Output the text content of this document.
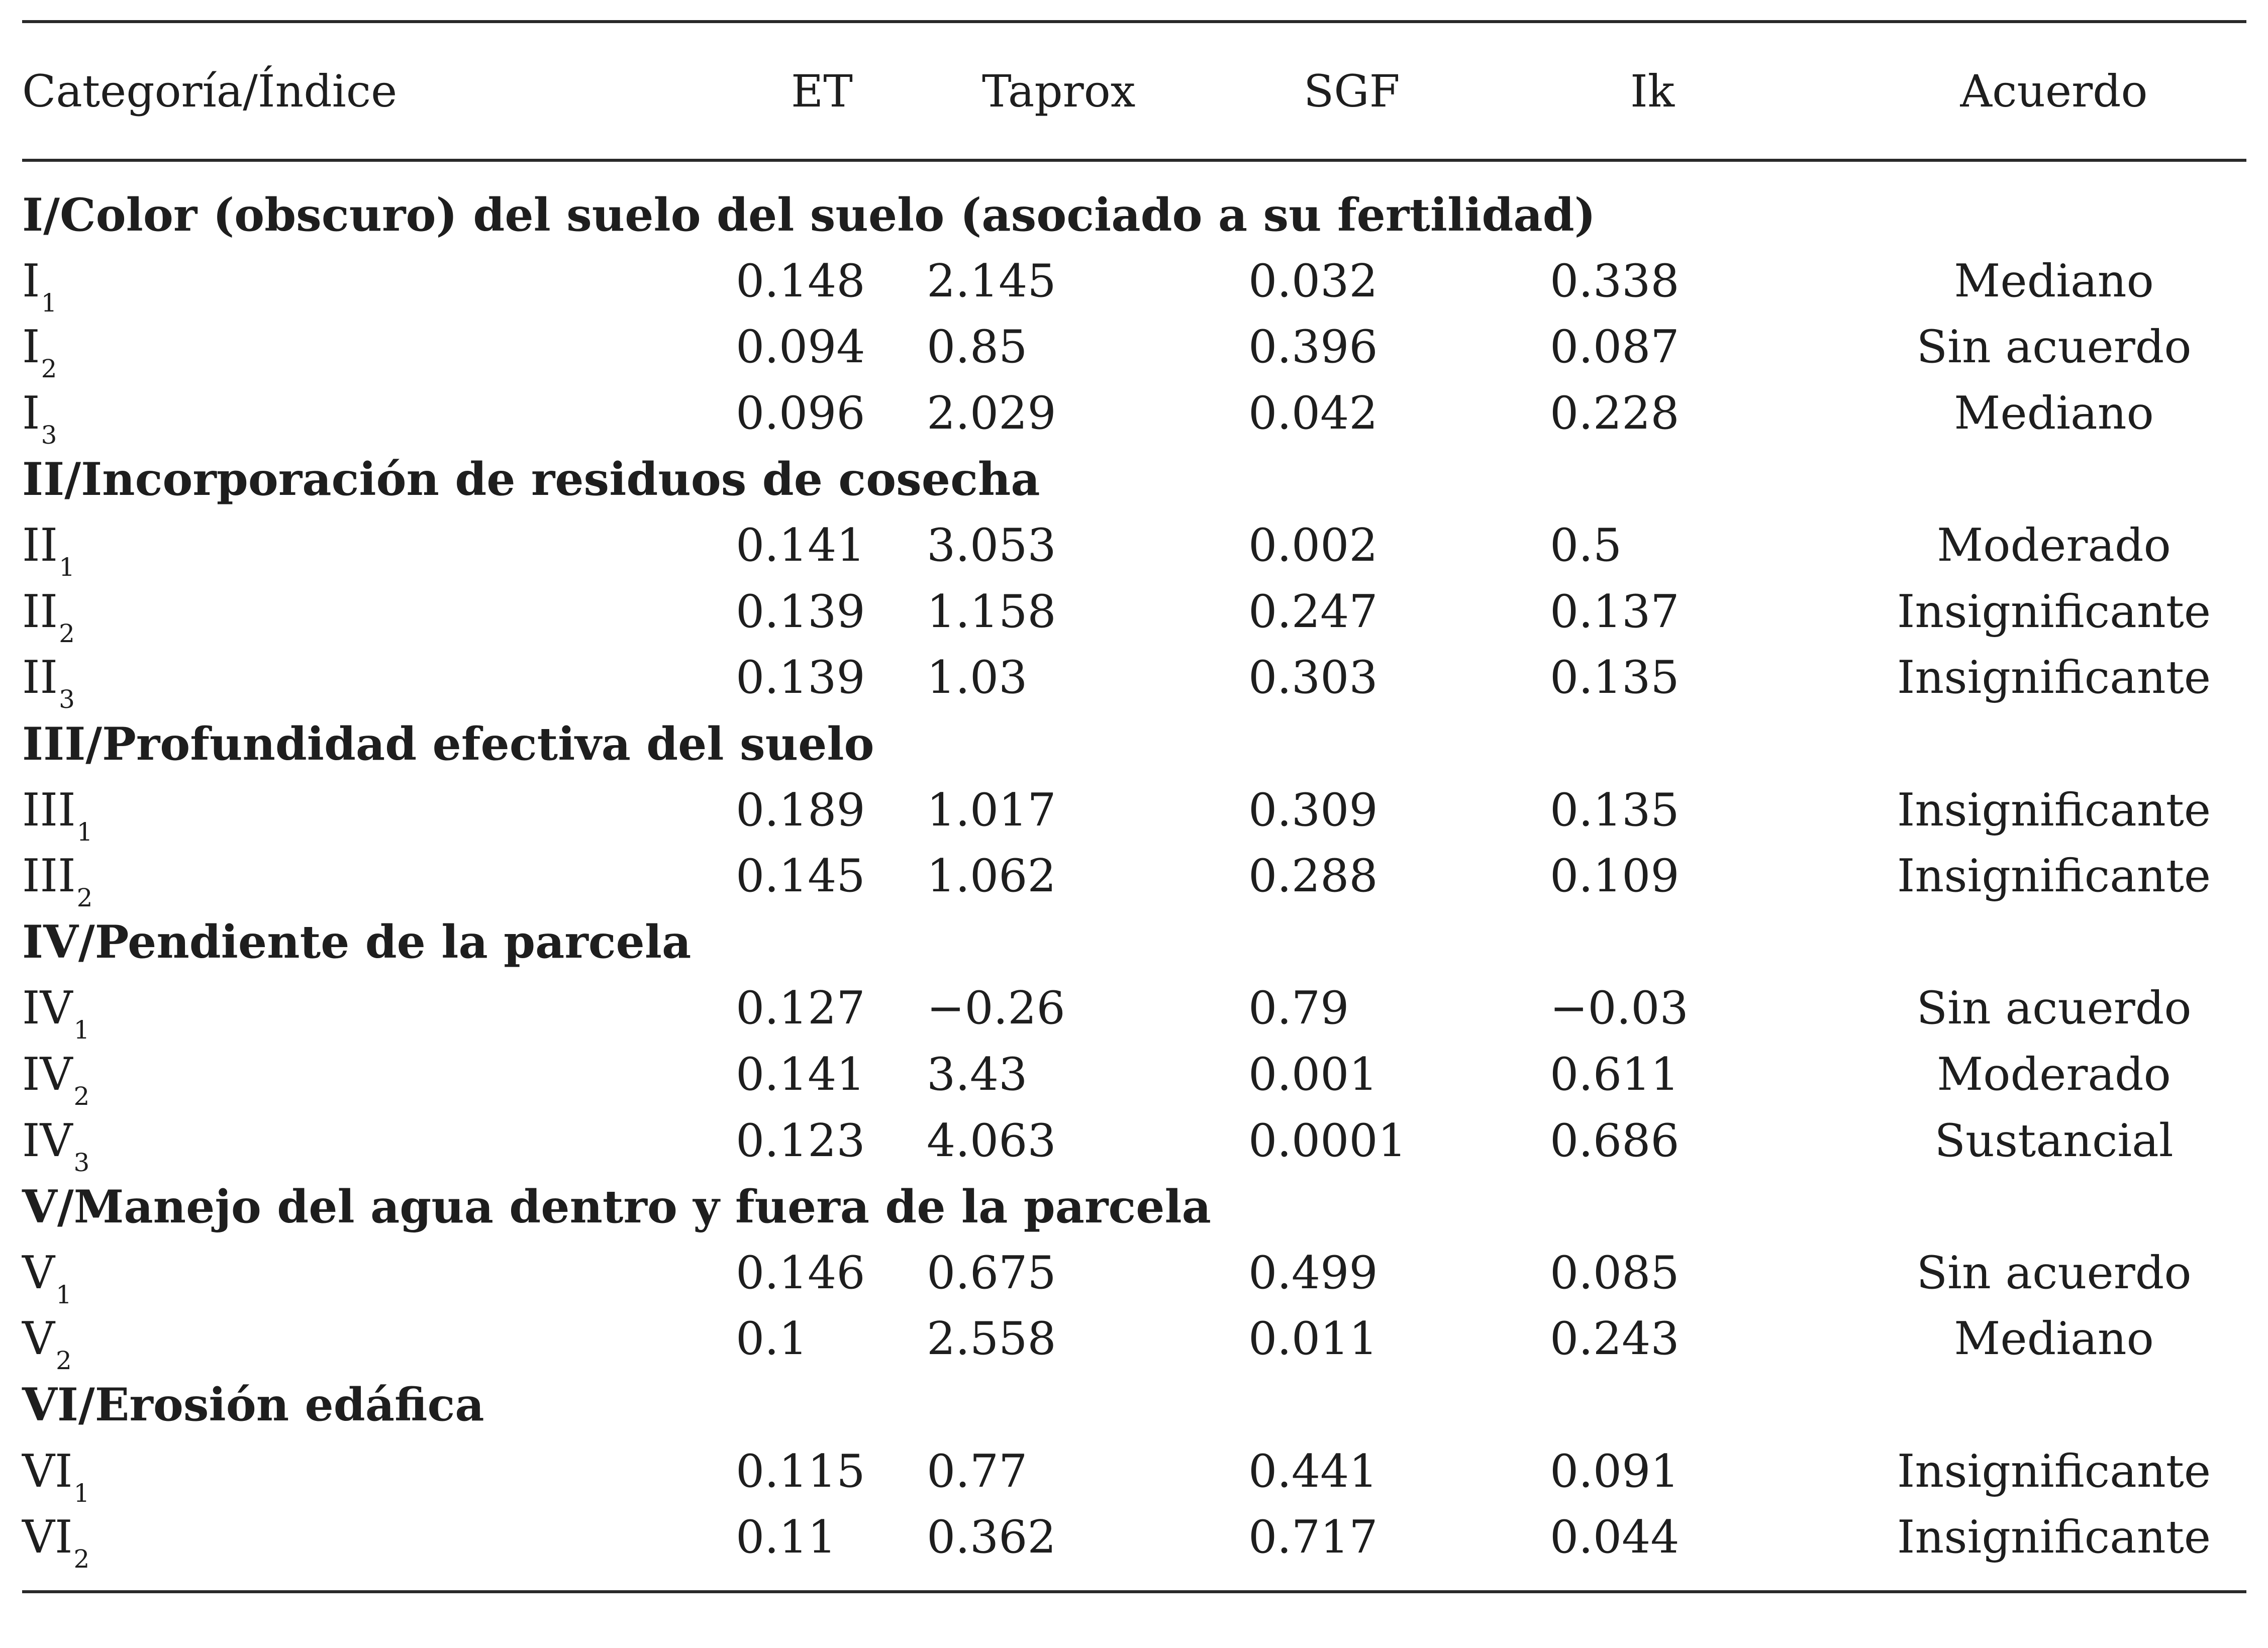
Categoría/Índice	ET	Taprox	SGF	Ik	Acuerdo
I/Color (obscuro) del suelo del suelo (asociado a su fertilidad)
$I_1$	0.148	2.145	0.032	0.338	Mediano
$I_2$	0.094	0.85	0.396	0.087	Sin acuerdo
$I_3$	0.096	2.029	0.042	0.228	Mediano
II/Incorporación de residuos de cosecha
$II_1$	0.141	3.053	0.002	0.5	Moderado
$II_2$	0.139	1.158	0.247	0.137	Insignificante
$II_3$	0.139	1.03	0.303	0.135	Insignificante
III/Profundidad efectiva del suelo
$III_1$	0.189	1.017	0.309	0.135	Insignificante
$III_2$	0.145	1.062	0.288	0.109	Insignificante
IV/Pendiente de la parcela
$IV_1$	0.127	−0.26	0.79	−0.03	Sin acuerdo
$IV_2$	0.141	3.43	0.001	0.611	Moderado
$IV_3$	0.123	4.063	0.0001	0.686	Sustancial
V/Manejo del agua dentro y fuera de la parcela
$V_1$	0.146	0.675	0.499	0.085	Sin acuerdo
$V_2$	0.1	2.558	0.011	0.243	Mediano
VI/Erosión edáfica
$VI_1$	0.115	0.77	0.441	0.091	Insignificante
$VI_2$	0.11	0.362	0.717	0.044	Insignificante
